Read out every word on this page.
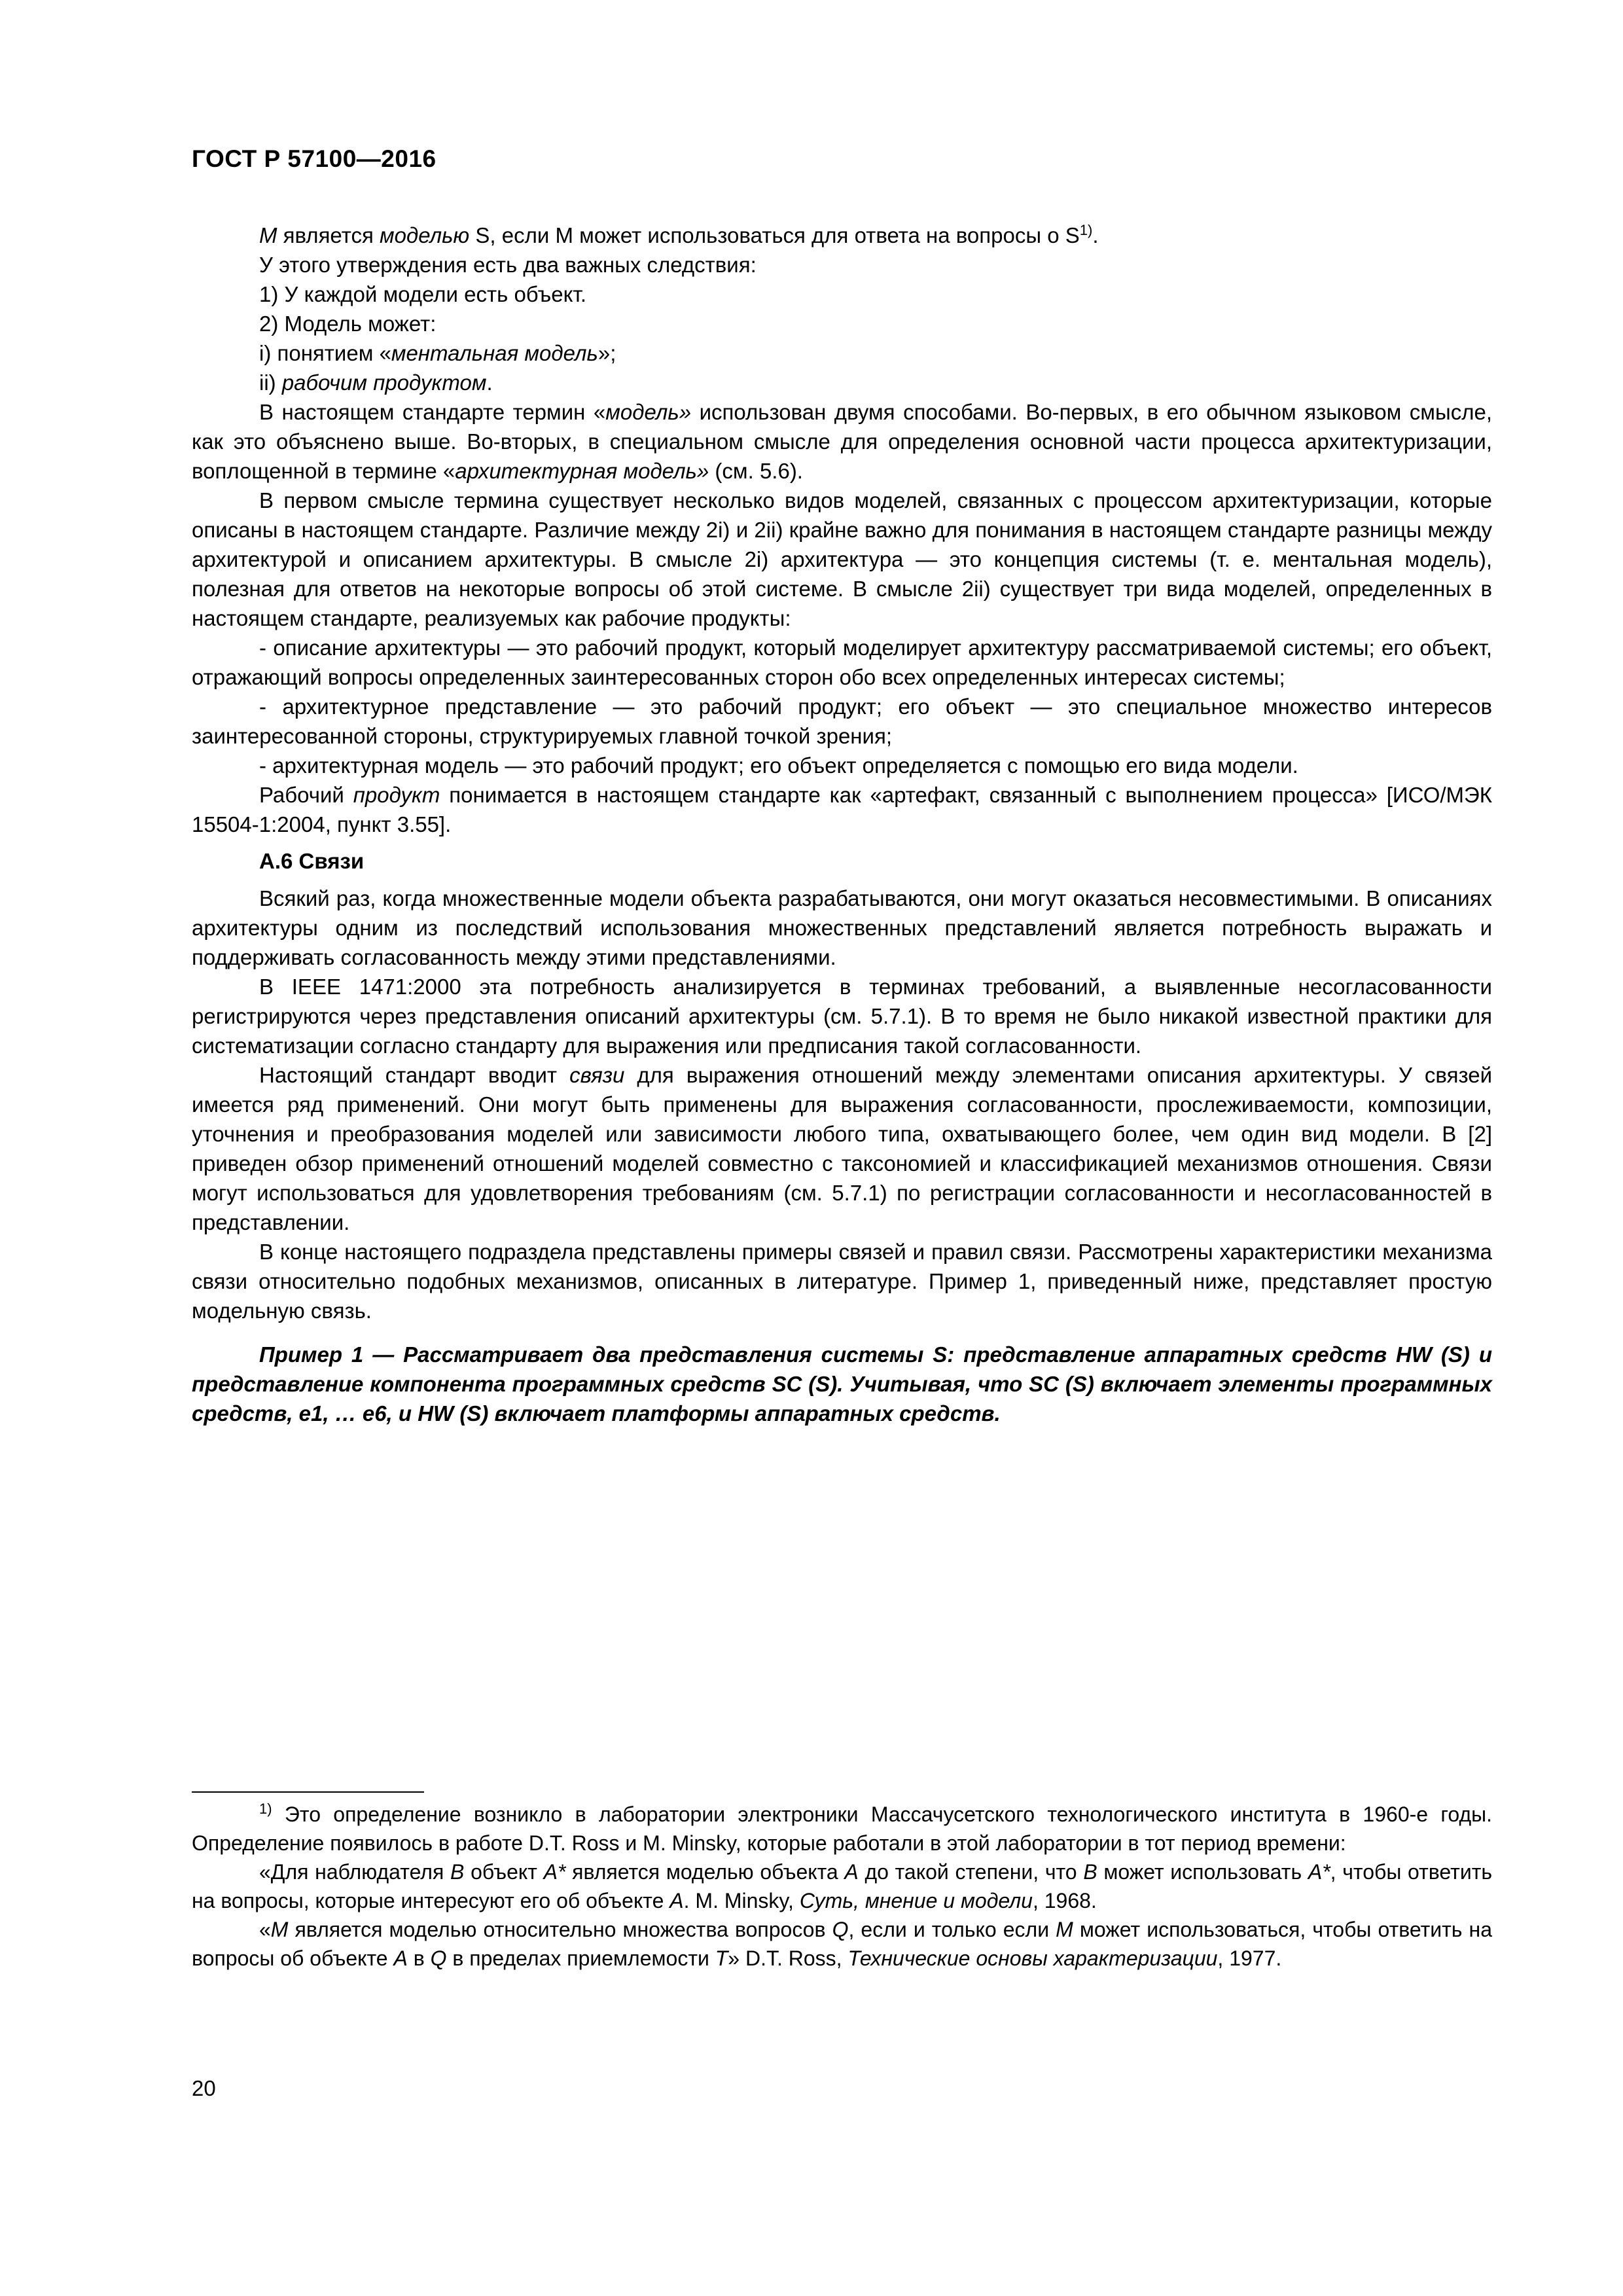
ГОСТ Р 57100—2016

M является моделью S, если M может использоваться для ответа на вопросы о $S^{1)}$.

У этого утверждения есть два важных следствия:

1) У каждой модели есть объект.

2) Модель может:

i) понятием «ментальная модель»;

ii) рабочим продуктом.

В настоящем стандарте термин «модель» использован двумя способами. Во-первых, в его обычном языковом смысле, как это объяснено выше. Во-вторых, в специальном смысле для определения основной части процесса архитектуризации, воплощенной в термине «архитектурная модель» (см. 5.6).

В первом смысле термина существует несколько видов моделей, связанных с процессом архитектуризации, которые описаны в настоящем стандарте. Различие между 2i) и 2ii) крайне важно для понимания в настоящем стандарте разницы между архитектурой и описанием архитектуры. В смысле 2i) архитектура — это концепция системы (т. е. ментальная модель), полезная для ответов на некоторые вопросы об этой системе. В смысле 2ii) существует три вида моделей, определенных в настоящем стандарте, реализуемых как рабочие продукты:

- описание архитектуры — это рабочий продукт, который моделирует архитектуру рассматриваемой системы; его объект, отражающий вопросы определенных заинтересованных сторон обо всех определенных интересах системы;

- архитектурное представление — это рабочий продукт; его объект — это специальное множество интересов заинтересованной стороны, структурируемых главной точкой зрения;

- архитектурная модель — это рабочий продукт; его объект определяется с помощью его вида модели.

Рабочий продукт понимается в настоящем стандарте как «артефакт, связанный с выполнением процесса» [ИСО/МЭК 15504-1:2004, пункт 3.55].

А.6 Связи

Всякий раз, когда множественные модели объекта разрабатываются, они могут оказаться несовместимыми. В описаниях архитектуры одним из последствий использования множественных представлений является потребность выражать и поддерживать согласованность между этими представлениями.

В IEEE 1471:2000 эта потребность анализируется в терминах требований, а выявленные несогласованности регистрируются через представления описаний архитектуры (см. 5.7.1). В то время не было никакой известной практики для систематизации согласно стандарту для выражения или предписания такой согласованности.

Настоящий стандарт вводит связи для выражения отношений между элементами описания архитектуры. У связей имеется ряд применений. Они могут быть применены для выражения согласованности, прослеживаемости, композиции, уточнения и преобразования моделей или зависимости любого типа, охватывающего более, чем один вид модели. В [2] приведен обзор применений отношений моделей совместно с таксономией и классификацией механизмов отношения. Связи могут использоваться для удовлетворения требованиям (см. 5.7.1) по регистрации согласованности и несогласованностей в представлении.

В конце настоящего подраздела представлены примеры связей и правил связи. Рассмотрены характеристики механизма связи относительно подобных механизмов, описанных в литературе. Пример 1, приведенный ниже, представляет простую модельную связь.

Пример 1 — Рассматривает два представления системы S: представление аппаратных средств HW (S) и представление компонента программных средств SC (S). Учитывая, что SC (S) включает элементы программных средств, e1, … e6, и HW (S) включает платформы аппаратных средств.

$^{1)}$ Это определение возникло в лаборатории электроники Массачусетского технологического института в 1960-е годы. Определение появилось в работе D.T. Ross и M. Minsky, которые работали в этой лаборатории в тот период времени:

«Для наблюдателя B объект A* является моделью объекта A до такой степени, что B может использовать A*, чтобы ответить на вопросы, которые интересуют его об объекте A. M. Minsky, Суть, мнение и модели, 1968.

«M является моделью относительно множества вопросов Q, если и только если M может использоваться, чтобы ответить на вопросы об объекте A в Q в пределах приемлемости T» D.T. Ross, Технические основы характеризации, 1977.

20
